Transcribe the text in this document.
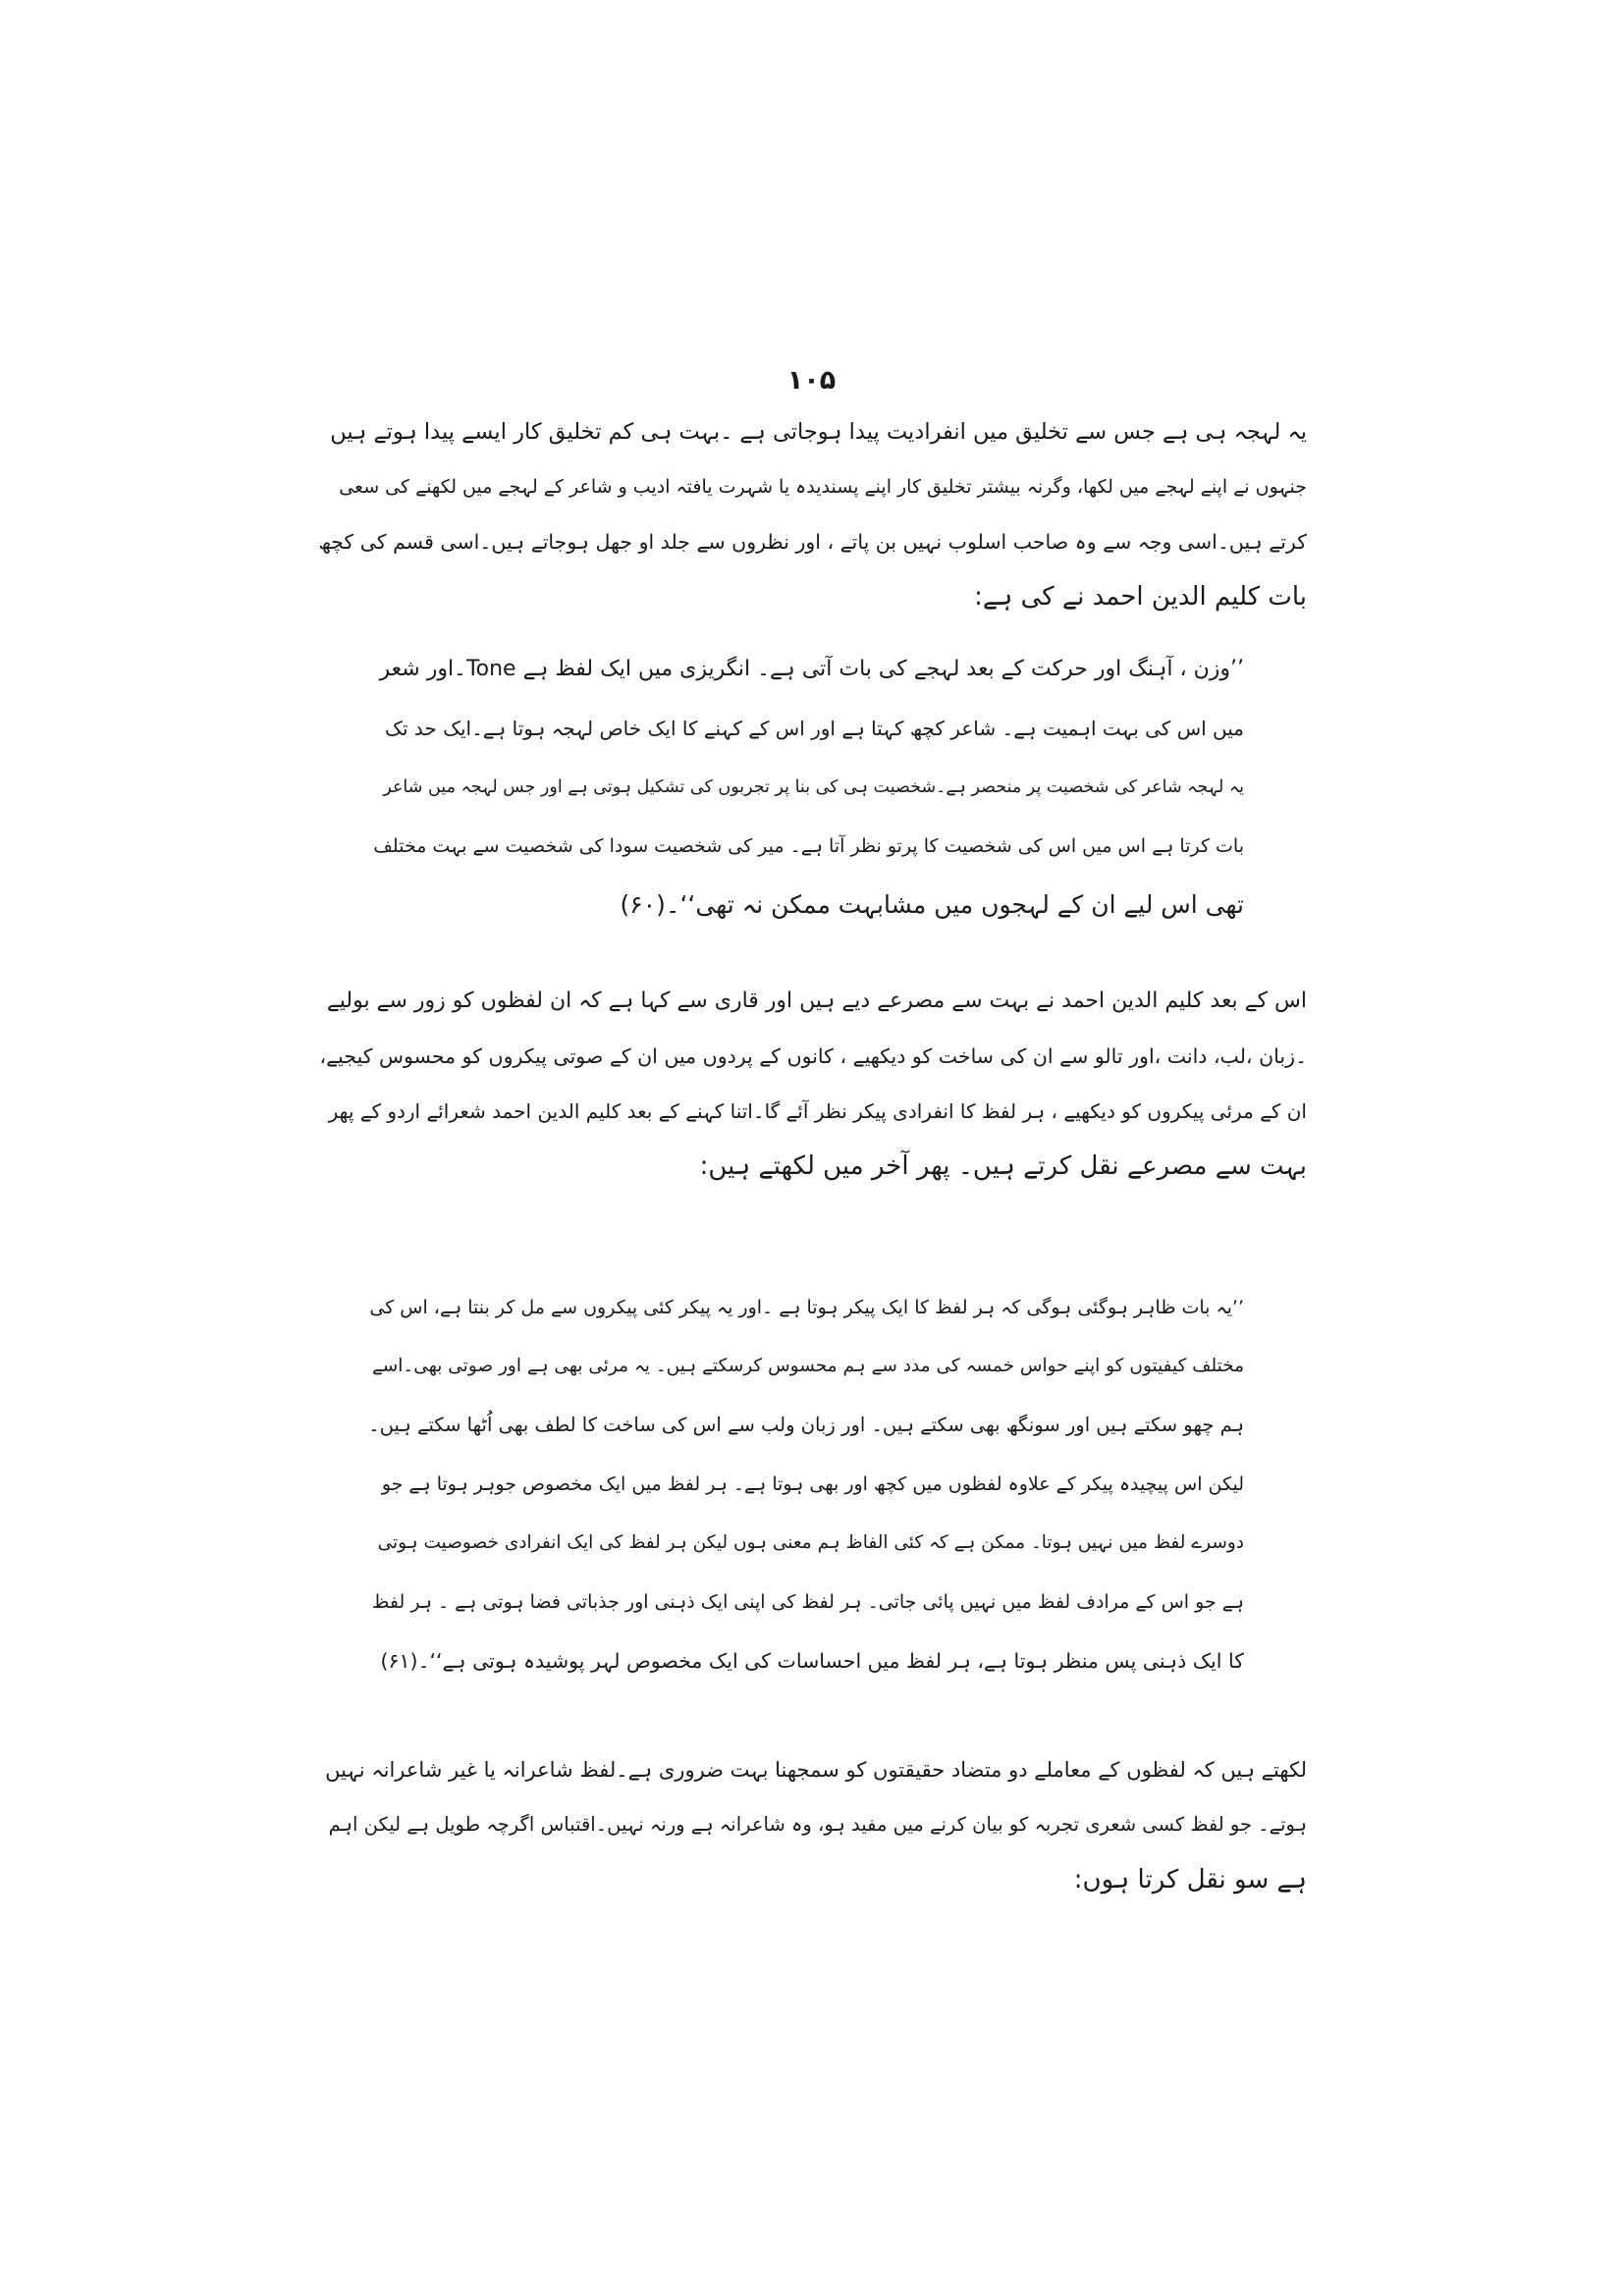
۱۰۵

یہ لہجہ ہی ہے جس سے تخلیق میں انفرادیت پیدا ہوجاتی ہے ۔بہت ہی کم تخلیق کار ایسے پیدا ہوتے ہیں
جنہوں نے اپنے لہجے میں لکھا، وگرنہ بیشتر تخلیق کار اپنے پسندیدہ یا شہرت یافتہ ادیب و شاعر کے لہجے میں لکھنے کی سعی
کرتے ہیں۔اسی وجہ سے وہ صاحب اسلوب نہیں بن پاتے ، اور نظروں سے جلد او جھل ہوجاتے ہیں۔اسی قسم کی کچھ
بات کلیم الدین احمد نے کی ہے:

’’وزن ، آہنگ اور حرکت کے بعد لہجے کی بات آتی ہے۔ انگریزی میں ایک لفظ ہے Tone۔اور شعر
میں اس کی بہت اہمیت ہے۔ شاعر کچھ کہتا ہے اور اس کے کہنے کا ایک خاص لہجہ ہوتا ہے۔ایک حد تک
یہ لہجہ شاعر کی شخصیت پر منحصر ہے۔شخصیت ہی کی بنا پر تجربوں کی تشکیل ہوتی ہے اور جس لہجہ میں شاعر
بات کرتا ہے اس میں اس کی شخصیت کا پرتو نظر آتا ہے۔ میر کی شخصیت سودا کی شخصیت سے بہت مختلف
تھی اس لیے ان کے لہجوں میں مشابہت ممکن نہ تھی‘‘۔(۶۰)

اس کے بعد کلیم الدین احمد نے بہت سے مصرعے دیے ہیں اور قاری سے کہا ہے کہ ان لفظوں کو زور سے بولیے
۔زبان ،لب، دانت ،اور تالو سے ان کی ساخت کو دیکھیے ، کانوں کے پردوں میں ان کے صوتی پیکروں کو محسوس کیجیے،
ان کے مرئی پیکروں کو دیکھیے ، ہر لفظ کا انفرادی پیکر نظر آئے گا۔اتنا کہنے کے بعد کلیم الدین احمد شعرائے اردو کے پھر
بہت سے مصرعے نقل کرتے ہیں۔ پھر آخر میں لکھتے ہیں:

’’یہ بات ظاہر ہوگئی ہوگی کہ ہر لفظ کا ایک پیکر ہوتا ہے ۔اور یہ پیکر کئی پیکروں سے مل کر بنتا ہے، اس کی
مختلف کیفیتوں کو اپنے حواس خمسہ کی مدد سے ہم محسوس کرسکتے ہیں۔ یہ مرئی بھی ہے اور صوتی بھی۔اسے
ہم چھو سکتے ہیں اور سونگھ بھی سکتے ہیں۔ اور زبان ولب سے اس کی ساخت کا لطف بھی اُٹھا سکتے ہیں۔
لیکن اس پیچیدہ پیکر کے علاوہ لفظوں میں کچھ اور بھی ہوتا ہے۔ ہر لفظ میں ایک مخصوص جوہر ہوتا ہے جو
دوسرے لفظ میں نہیں ہوتا۔ ممکن ہے کہ کئی الفاظ ہم معنی ہوں لیکن ہر لفظ کی ایک انفرادی خصوصیت ہوتی
ہے جو اس کے مرادف لفظ میں نہیں پائی جاتی۔ ہر لفظ کی اپنی ایک ذہنی اور جذباتی فضا ہوتی ہے ۔ ہر لفظ
کا ایک ذہنی پس منظر ہوتا ہے، ہر لفظ میں احساسات کی ایک مخصوص لہر پوشیدہ ہوتی ہے‘‘۔(۶۱)

لکھتے ہیں کہ لفظوں کے معاملے دو متضاد حقیقتوں کو سمجھنا بہت ضروری ہے۔لفظ شاعرانہ یا غیر شاعرانہ نہیں
ہوتے۔ جو لفظ کسی شعری تجربہ کو بیان کرنے میں مفید ہو، وہ شاعرانہ ہے ورنہ نہیں۔اقتباس اگرچہ طویل ہے لیکن اہم
ہے سو نقل کرتا ہوں:
